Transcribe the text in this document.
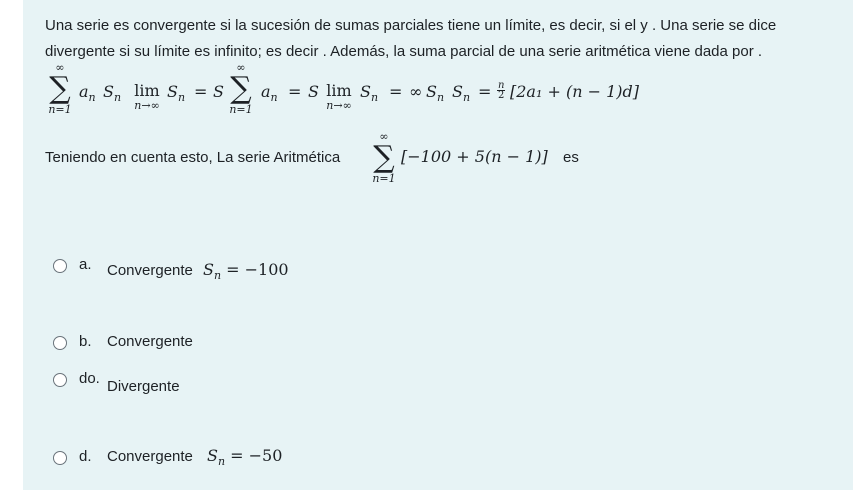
Una serie es convergente si la sucesión de sumas parciales tiene un límite, es decir, si el y . Una serie se dice
divergente si su límite es infinito; es decir . Además, la suma parcial de una serie aritmética viene dada por .
∞
∑
n=1
$a_n$ $S_n$ lim
n→∞
$S_n = S$
∞
∑
n=1
$a_n = S$ lim
n→∞
$S_n$ = ∞ $S_n$ $S_n = \frac{n}{2} [2a_1 + (n - 1)d]$
Teniendo en cuenta esto, La serie Aritmética
∞
∑
n=1
[−100 + 5(n − 1)] es
a. Convergente $S_n = -100$
b. Convergente
do. Divergente
d. Convergente $S_n = -50$
